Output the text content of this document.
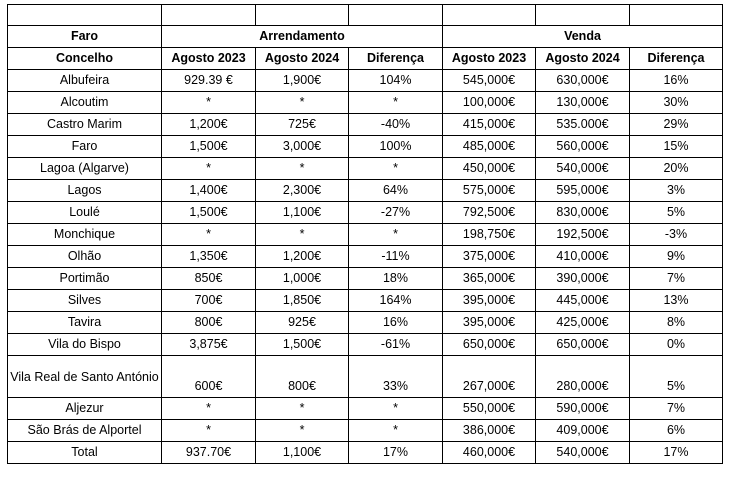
Faro	Arrendamento			Venda		
Concelho	Agosto 2023	Agosto 2024	Diferença	Agosto 2023	Agosto 2024	Diferença
Albufeira	929.39 €	1,900€	104%	545,000€	630,000€	16%
Alcoutim	*	*	*	100,000€	130,000€	30%
Castro Marim	1,200€	725€	-40%	415,000€	535.000€	29%
Faro	1,500€	3,000€	100%	485,000€	560,000€	15%
Lagoa (Algarve)	*	*	*	450,000€	540,000€	20%
Lagos	1,400€	2,300€	64%	575,000€	595,000€	3%
Loulé	1,500€	1,100€	-27%	792,500€	830,000€	5%
Monchique	*	*	*	198,750€	192,500€	-3%
Olhão	1,350€	1,200€	-11%	375,000€	410,000€	9%
Portimão	850€	1,000€	18%	365,000€	390,000€	7%
Silves	700€	1,850€	164%	395,000€	445,000€	13%
Tavira	800€	925€	16%	395,000€	425,000€	8%
Vila do Bispo	3,875€	1,500€	-61%	650,000€	650,000€	0%
Vila Real de Santo António	600€	800€	33%	267,000€	280,000€	5%
Aljezur	*	*	*	550,000€	590,000€	7%
São Brás de Alportel	*	*	*	386,000€	409,000€	6%
Total	937.70€	1,100€	17%	460,000€	540,000€	17%
